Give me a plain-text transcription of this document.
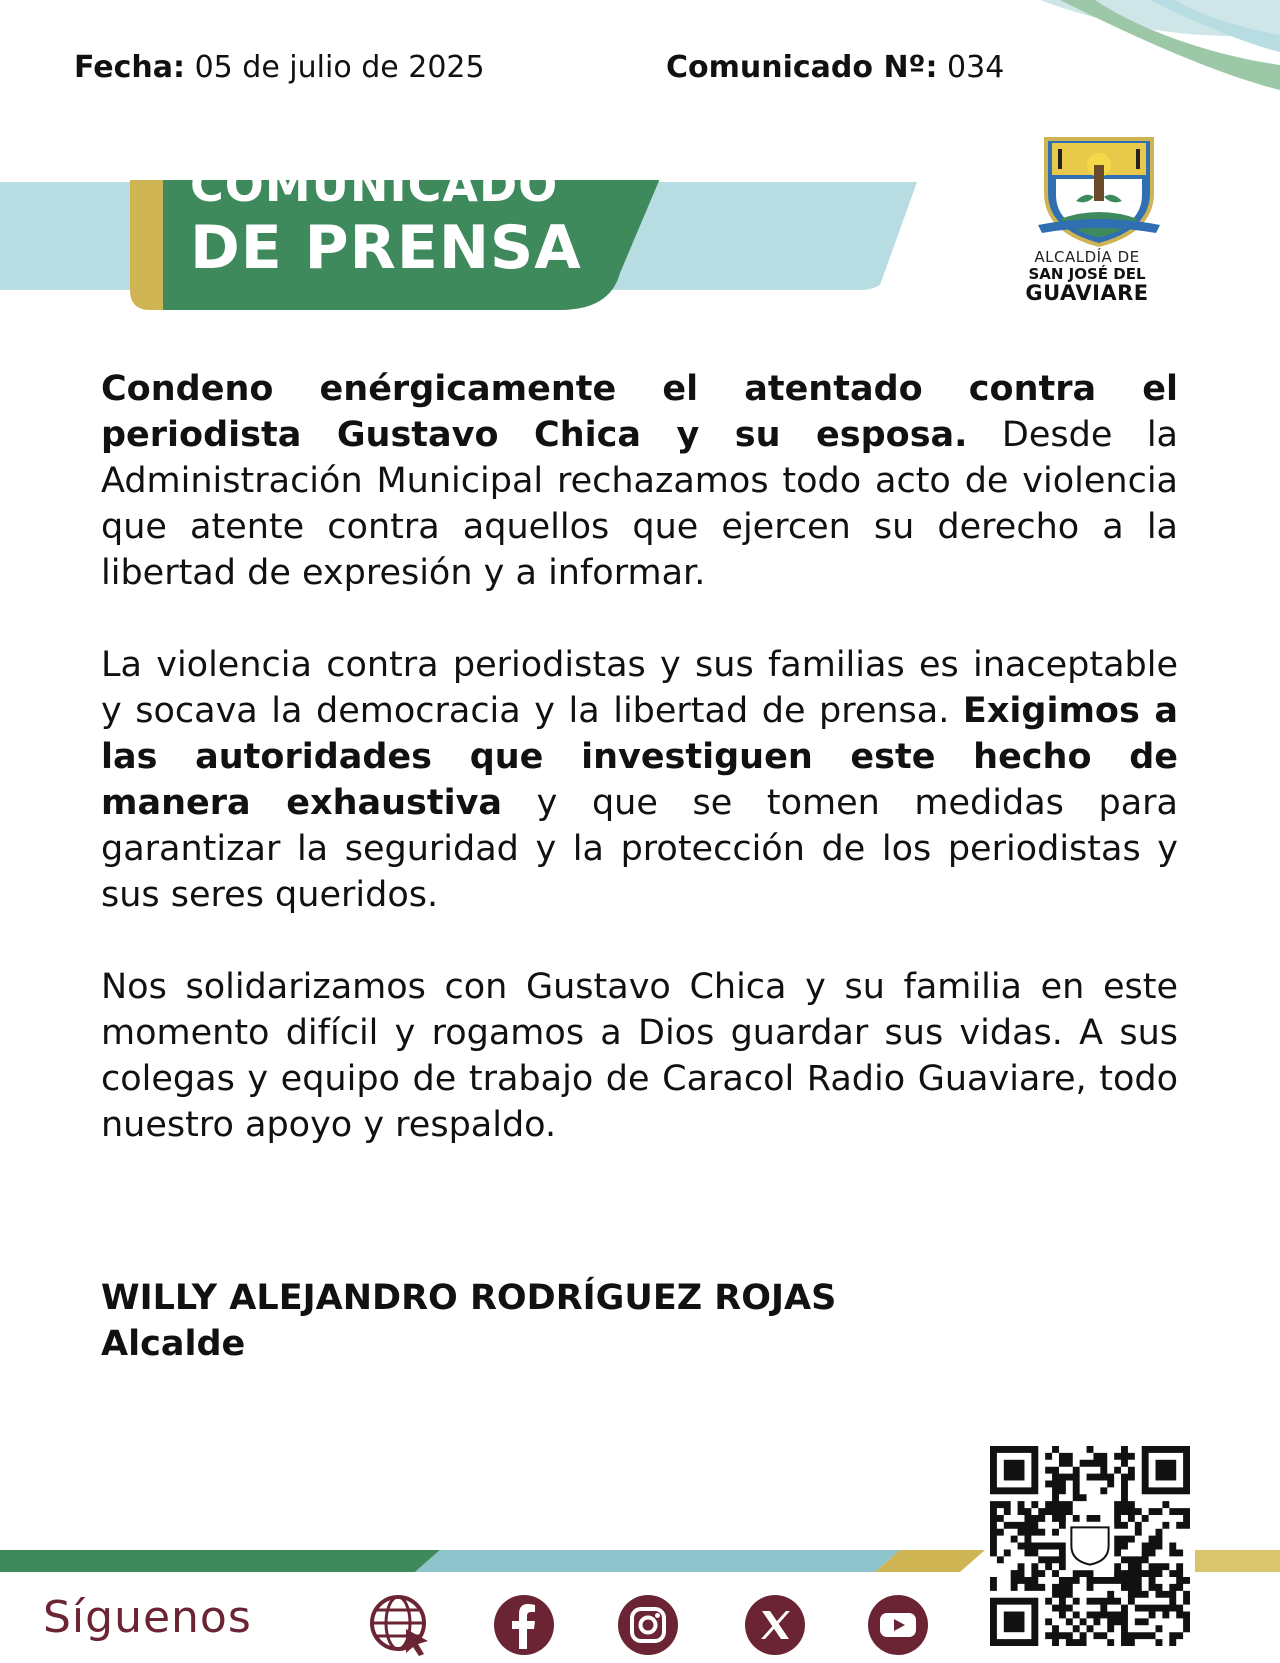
Fecha: 05 de julio de 2025	Comunicado Nº: 034
COMUNICADO
DE PRENSA	ALCALDÍA DE
SAN JOSÉ DEL
GUAVIARE

Condeno enérgicamente el atentado contra el periodista Gustavo Chica y su esposa. Desde la Administración Municipal rechazamos todo acto de violencia que atente contra aquellos que ejercen su derecho a la libertad de expresión y a informar.

La violencia contra periodistas y sus familias es inaceptable y socava la democracia y la libertad de prensa. Exigimos a las autoridades que investiguen este hecho de manera exhaustiva y que se tomen medidas para garantizar la seguridad y la protección de los periodistas y sus seres queridos.

Nos solidarizamos con Gustavo Chica y su familia en este momento difícil y rogamos a Dios guardar sus vidas. A sus colegas y equipo de trabajo de Caracol Radio Guaviare, todo nuestro apoyo y respaldo.

WILLY ALEJANDRO RODRÍGUEZ ROJAS
Alcalde
Síguenos
